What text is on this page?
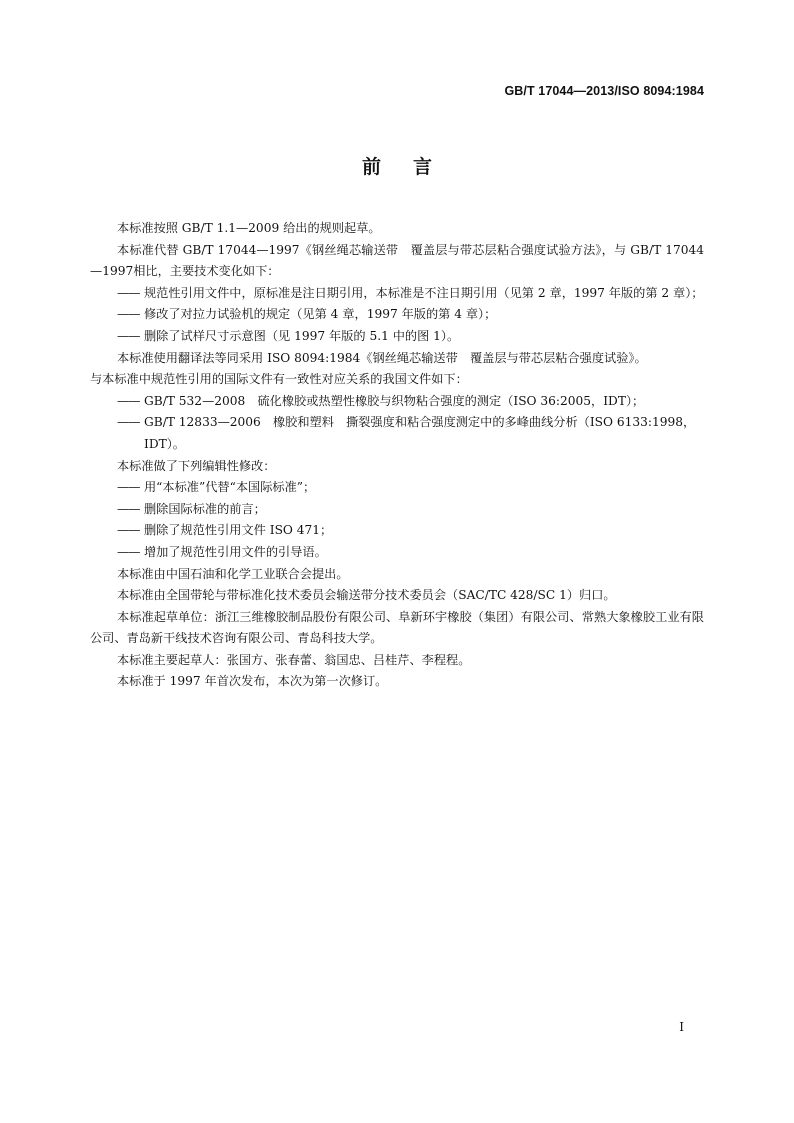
GB/T 17044—2013/ISO 8094:1984
前言

本标准按照 GB/T 1.1—2009 给出的规则起草。

本标准代替 GB/T 17044—1997《钢丝绳芯输送带　覆盖层与带芯层粘合强度试验方法》，与 GB/T 17044—1997相比，主要技术变化如下：

—— 规范性引用文件中，原标准是注日期引用，本标准是不注日期引用（见第 2 章，1997 年版的第 2 章）；

—— 修改了对拉力试验机的规定（见第 4 章，1997 年版的第 4 章）；

—— 删除了试样尺寸示意图（见 1997 年版的 5.1 中的图 1）。

本标准使用翻译法等同采用 ISO 8094:1984《钢丝绳芯输送带　覆盖层与带芯层粘合强度试验》。

与本标准中规范性引用的国际文件有一致性对应关系的我国文件如下：

—— GB/T 532—2008　硫化橡胶或热塑性橡胶与织物粘合强度的测定（ISO 36:2005，IDT）；

—— GB/T 12833—2006　橡胶和塑料　撕裂强度和粘合强度测定中的多峰曲线分析（ISO 6133:1998，IDT）。

本标准做了下列编辑性修改：

—— 用“本标准”代替“本国际标准”；

—— 删除国际标准的前言；

—— 删除了规范性引用文件 ISO 471；

—— 增加了规范性引用文件的引导语。

本标准由中国石油和化学工业联合会提出。

本标准由全国带轮与带标准化技术委员会输送带分技术委员会（SAC/TC 428/SC 1）归口。

本标准起草单位：浙江三维橡胶制品股份有限公司、阜新环宇橡胶（集团）有限公司、常熟大象橡胶工业有限公司、青岛新干线技术咨询有限公司、青岛科技大学。

本标准主要起草人：张国方、张春蕾、翁国忠、吕桂芹、李程程。

本标准于 1997 年首次发布，本次为第一次修订。

I
